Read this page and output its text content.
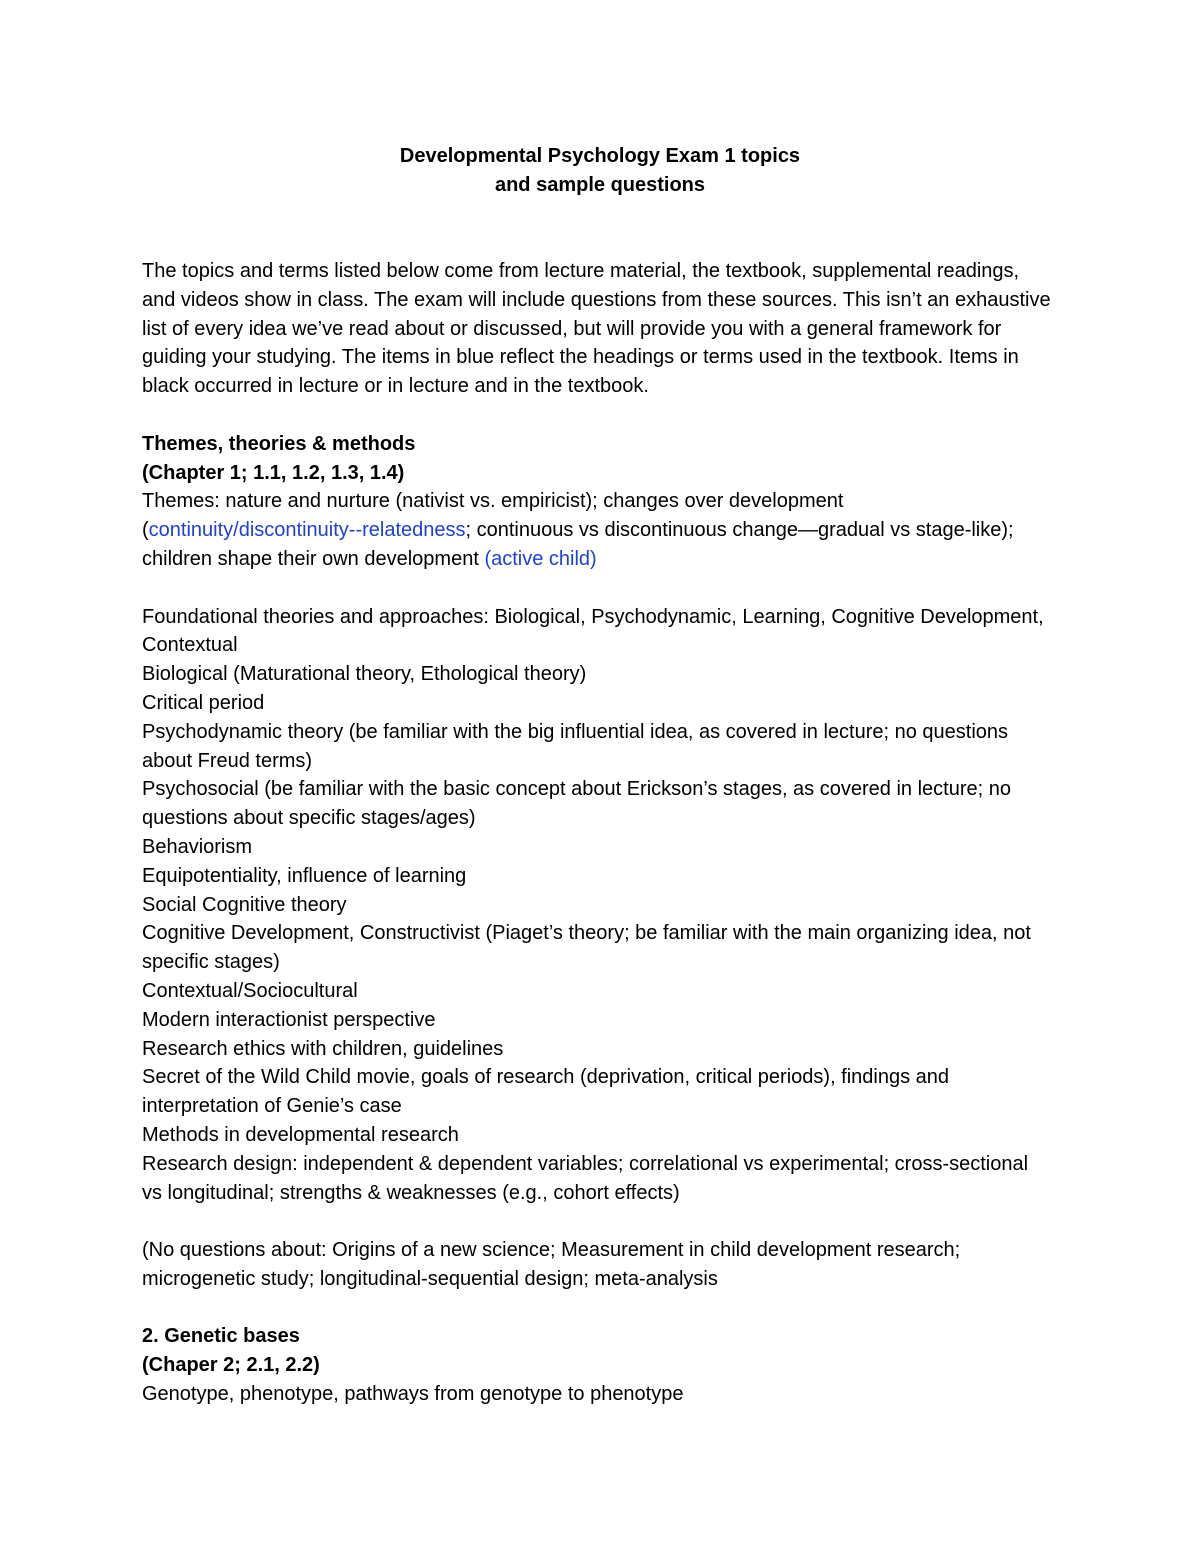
Developmental Psychology Exam 1 topics
and sample questions

The topics and terms listed below come from lecture material, the textbook, supplemental readings, and videos show in class. The exam will include questions from these sources. This isn’t an exhaustive list of every idea we’ve read about or discussed, but will provide you with a general framework for guiding your studying. The items in blue reflect the headings or terms used in the textbook. Items in black occurred in lecture or in lecture and in the textbook.

Themes, theories & methods

(Chapter 1; 1.1, 1.2, 1.3, 1.4)

Themes: nature and nurture (nativist vs. empiricist); changes over development (continuity/discontinuity--relatedness; continuous vs discontinuous change—gradual vs stage-like); children shape their own development (active child)

Foundational theories and approaches: Biological, Psychodynamic, Learning, Cognitive Development, Contextual

Biological (Maturational theory, Ethological theory)

Critical period

Psychodynamic theory (be familiar with the big influential idea, as covered in lecture; no questions about Freud terms)

Psychosocial (be familiar with the basic concept about Erickson’s stages, as covered in lecture; no questions about specific stages/ages)

Behaviorism

Equipotentiality, influence of learning

Social Cognitive theory

Cognitive Development, Constructivist (Piaget’s theory; be familiar with the main organizing idea, not specific stages)

Contextual/Sociocultural

Modern interactionist perspective

Research ethics with children, guidelines

Secret of the Wild Child movie, goals of research (deprivation, critical periods), findings and interpretation of Genie’s case

Methods in developmental research

Research design: independent & dependent variables; correlational vs experimental; cross-sectional vs longitudinal; strengths & weaknesses (e.g., cohort effects)

(No questions about: Origins of a new science; Measurement in child development research; microgenetic study; longitudinal-sequential design; meta-analysis

2. Genetic bases

(Chaper 2; 2.1, 2.2)

Genotype, phenotype, pathways from genotype to phenotype
